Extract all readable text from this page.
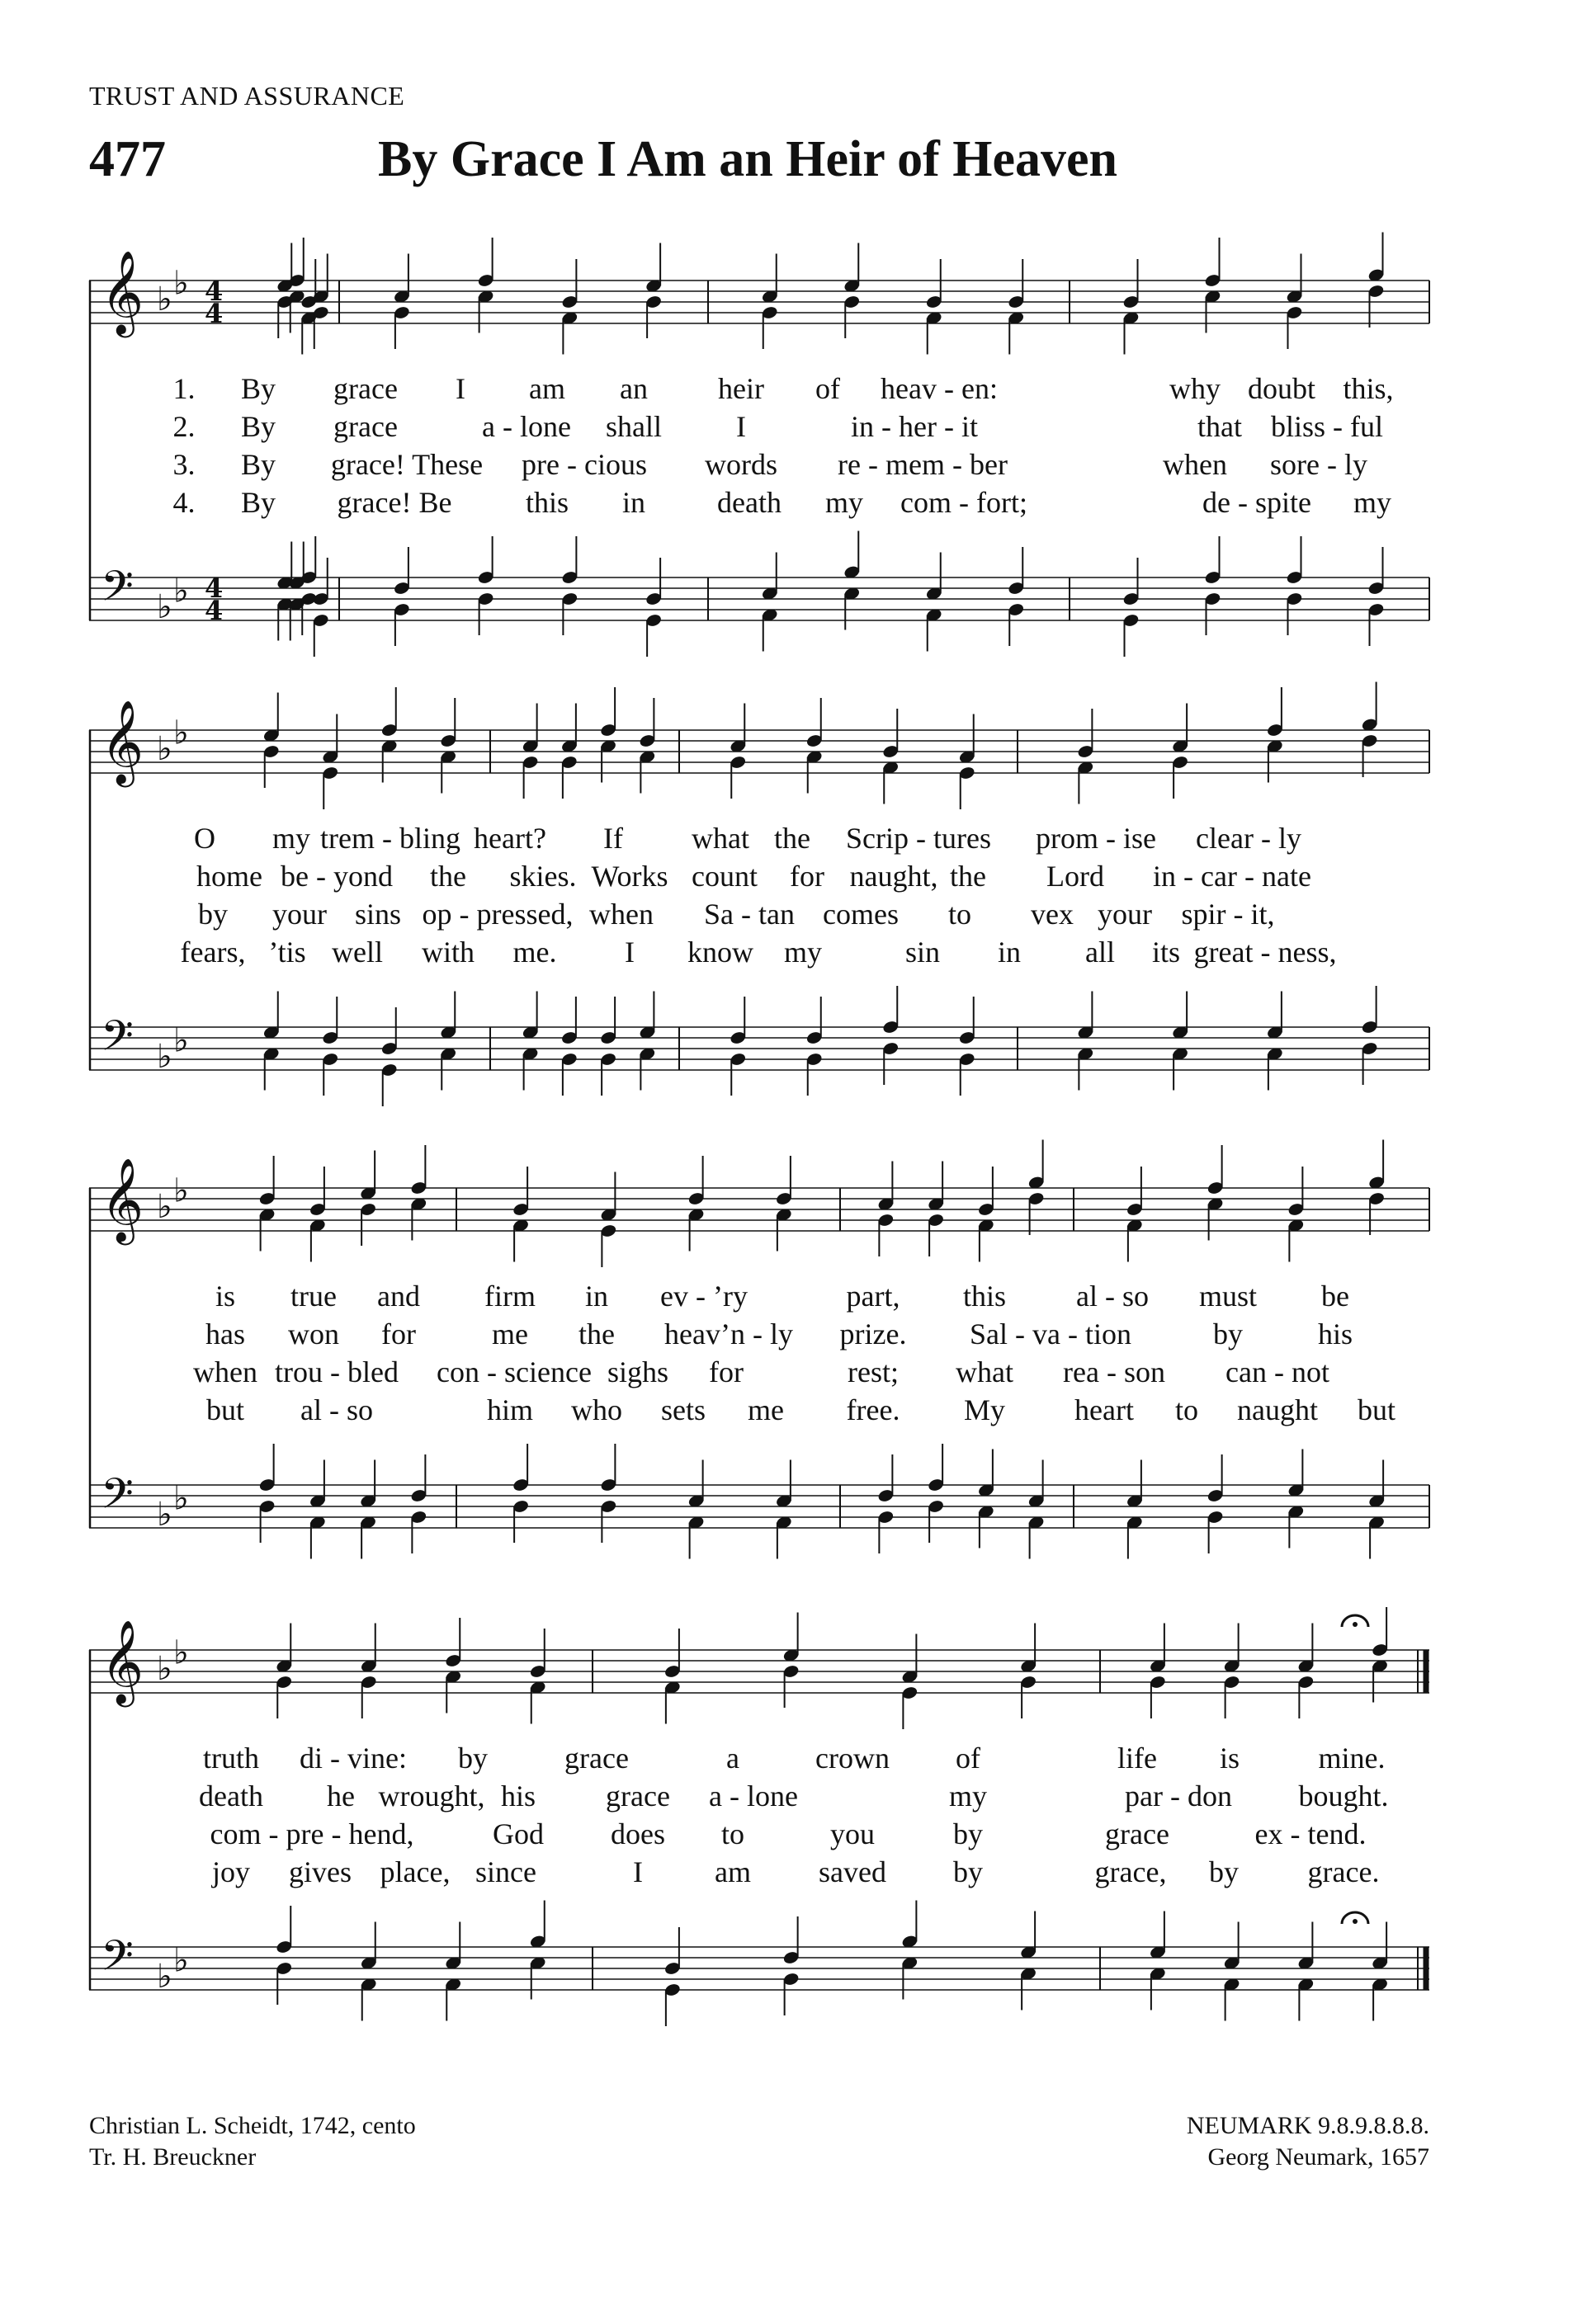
TRUST AND ASSURANCE
477	By Grace I Am an Heir of Heaven
𝄞
𝄢
♭ ♭
♭ ♭
4
4
4
4
1. By grace I am an heir of heav - en:	why doubt this,
2. By grace	a - lone shall	I	in - her - it	that bliss - ful
3. By grace! These pre - cious words re - mem - ber	when sore - ly
4. By grace! Be this in death my com - fort;	de - spite my
𝄞
𝄢
♭ ♭
♭ ♭
O my trem - bling heart? If what the Scrip - tures prom - ise clear - ly
home be - yond the skies. Works count for naught, the Lord in - car - nate
by your sins op - pressed, when Sa - tan comes to vex your spir - it,
fears, ’tis well with me. I know my	sin in all its great - ness,
𝄞
𝄢
♭ ♭
♭ ♭
is true and firm in ev - ’ry	part, this al - so must be
has won for	me the heav’n - ly prize. Sal - va - tion	by	his
when trou - bled con - science sighs for	rest; what rea - son can - not
but al - so	him who sets me free. My heart to naught but
𝄞
𝄢
♭ ♭
♭ ♭
truth di - vine: by	grace	a	crown of	life is	mine.
death he wrought, his grace a - lone	my	par - don bought.
com - pre - hend,	God does to	you	by	grace	ex - tend.
joy gives place, since	I am saved by	grace, by grace.
Christian L. Scheidt, 1742, cento
Tr. H. Breuckner
NEUMARK 9.8.9.8.8.8.
Georg Neumark, 1657
